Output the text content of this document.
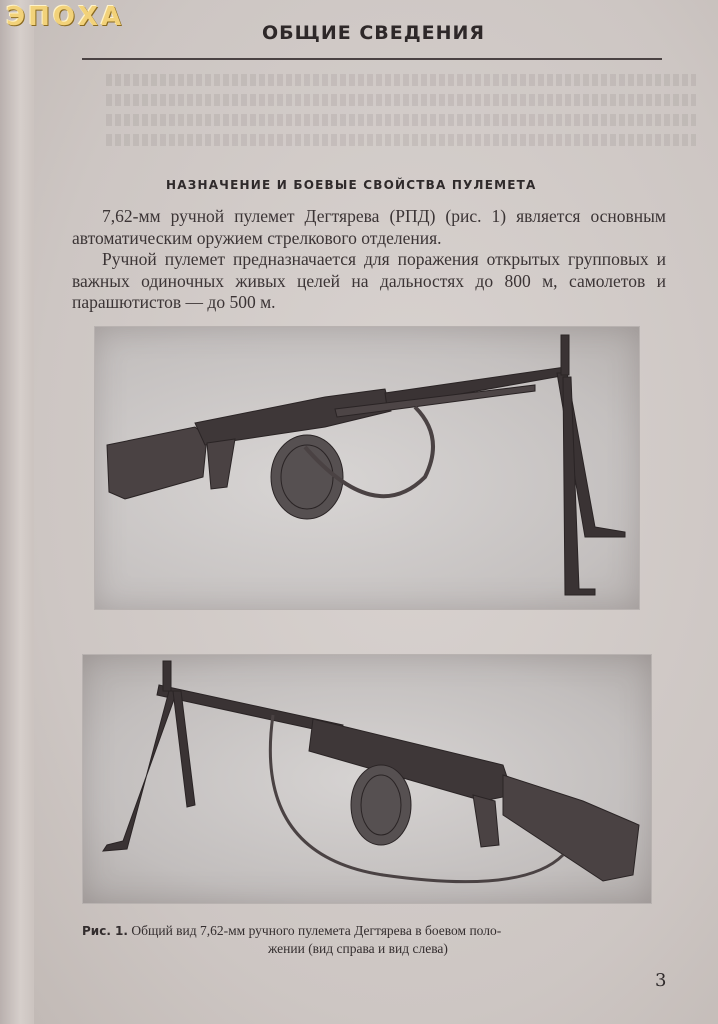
ЭПОХА
ОБЩИЕ СВЕДЕНИЯ
НАЗНАЧЕНИЕ И БОЕВЫЕ СВОЙСТВА ПУЛЕМЕТА

7,62-мм ручной пулемет Дегтярева (РПД) (рис. 1) является основным автоматическим оружием стрелкового отделения.

Ручной пулемет предназначается для поражения открытых групповых и важных одиночных живых целей на дальностях до 800 м, самолетов и парашютистов — до 500 м.

Рис. 1. Общий вид 7,62-мм ручного пулемета Дегтярева в боевом поло-
жении (вид справа и вид слева)
3
